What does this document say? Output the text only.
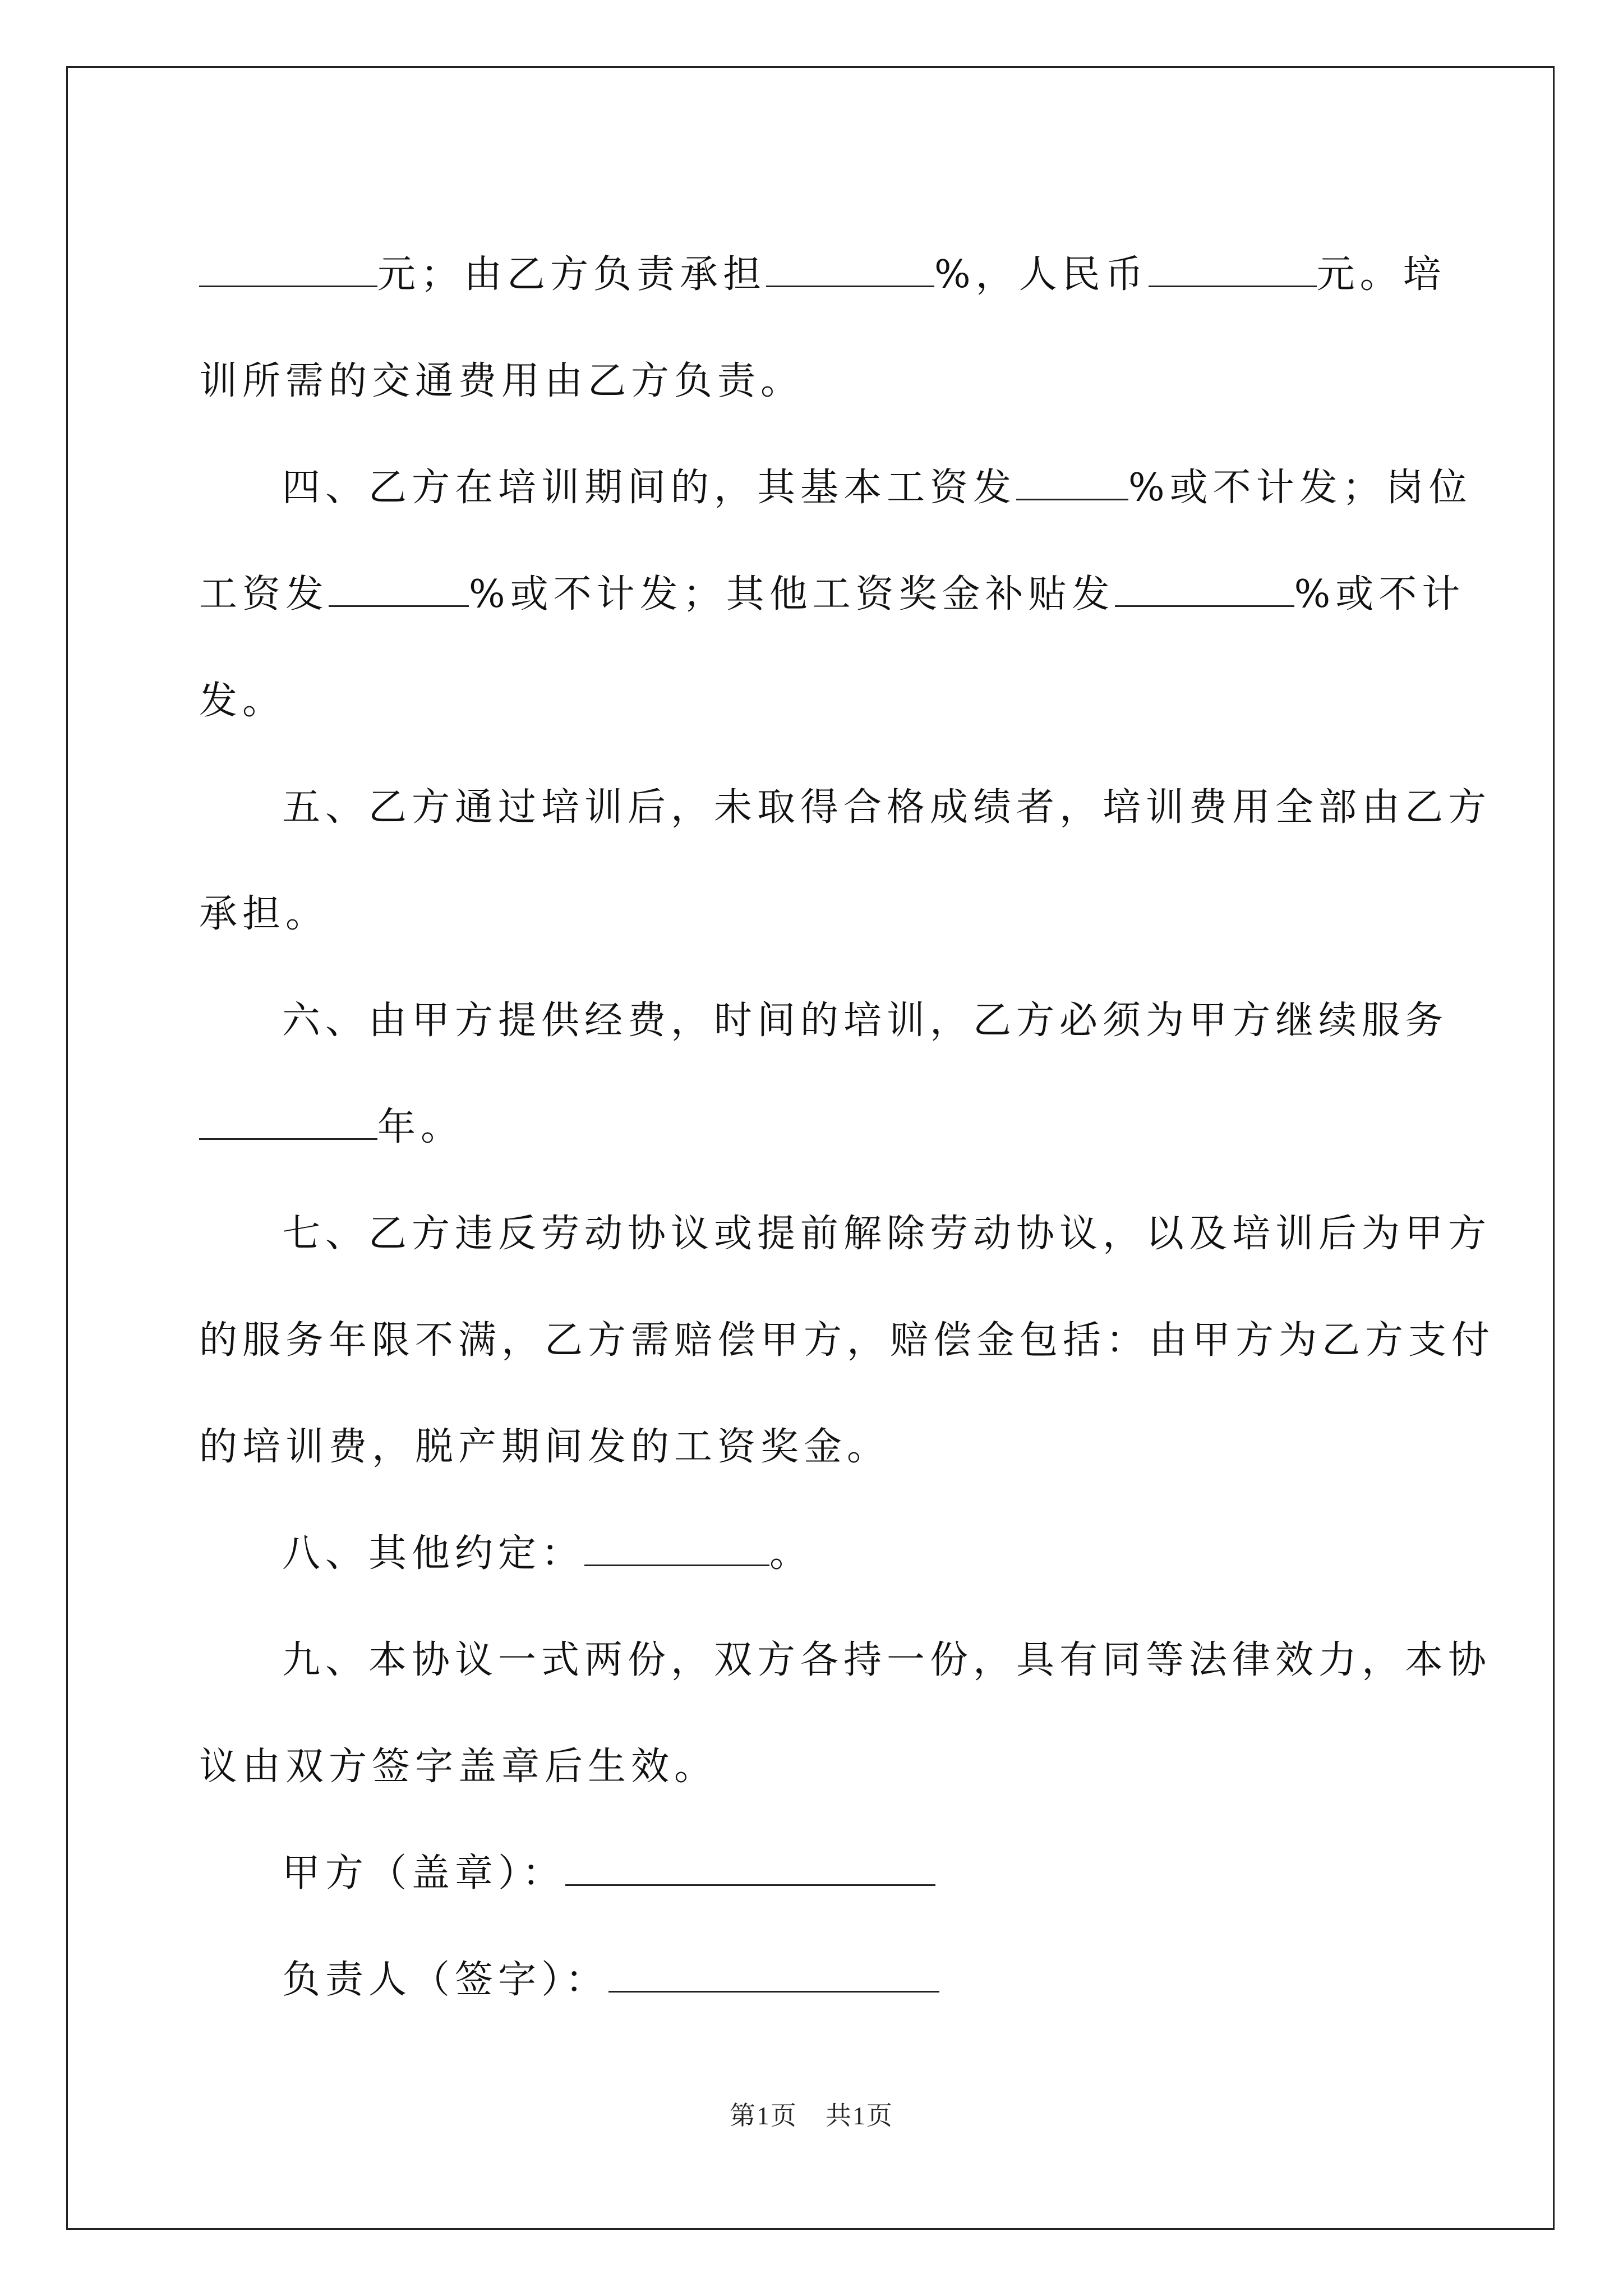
元；由乙方负责承担	%，人民币	元。培
训所需的交通费用由乙方负责。
四、乙方在培训期间的，其基本工资发	%或不计发；岗位
工资发	%或不计发；其他工资奖金补贴发	%或不计
发。
五、乙方通过培训后，未取得合格成绩者，培训费用全部由乙方
承担。
六、由甲方提供经费，时间的培训，乙方必须为甲方继续服务
年。
七、乙方违反劳动协议或提前解除劳动协议，以及培训后为甲方
的服务年限不满，乙方需赔偿甲方，赔偿金包括：由甲方为乙方支付
的培训费，脱产期间发的工资奖金。
八、其他约定：	。
九、本协议一式两份，双方各持一份，具有同等法律效力，本协
议由双方签字盖章后生效。
甲方（盖章）：
负责人（签字）：
第1页 共1页
